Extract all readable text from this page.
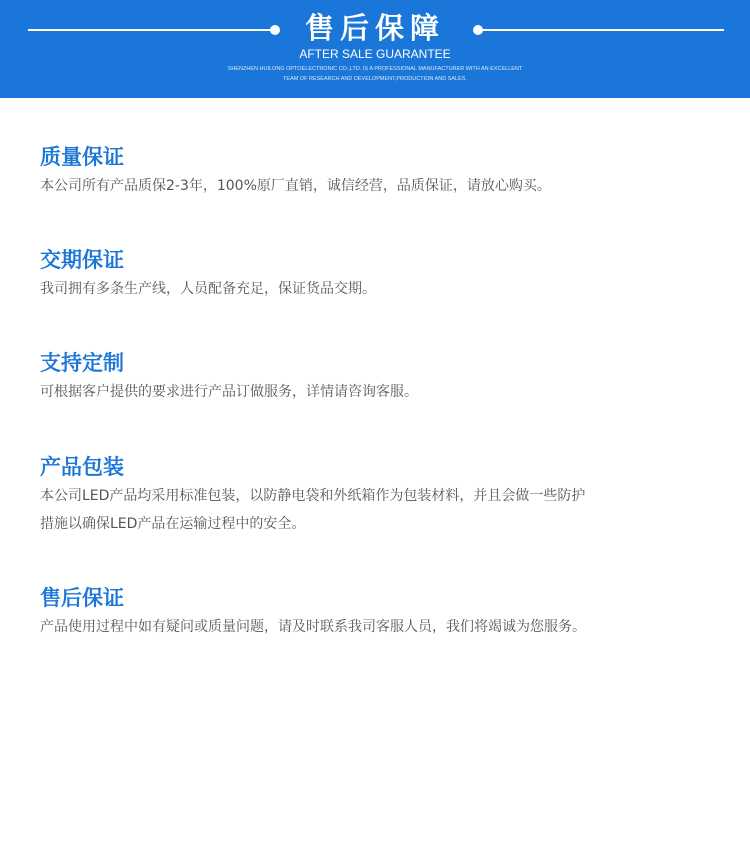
售后保障
AFTER SALE GUARANTEE
SHENZHEN HUILONG OPTOELECTRONIC CO.,LTD. IS A PROFESSIONAL MANUFACTURER WITH AN EXCELLENT
TEAM OF RESEARCH AND DEVELOPMENT,PRODUCTION AND SALES.
质量保证

本公司所有产品质保2-3年，100%原厂直销，诚信经营，品质保证，请放心购买。

交期保证

我司拥有多条生产线，人员配备充足，保证货品交期。

支持定制

可根据客户提供的要求进行产品订做服务，详情请咨询客服。

产品包装

本公司LED产品均采用标准包装，以防静电袋和外纸箱作为包装材料，并且会做一些防护

措施以确保LED产品在运输过程中的安全。

售后保证

产品使用过程中如有疑问或质量问题，请及时联系我司客服人员，我们将竭诚为您服务。
